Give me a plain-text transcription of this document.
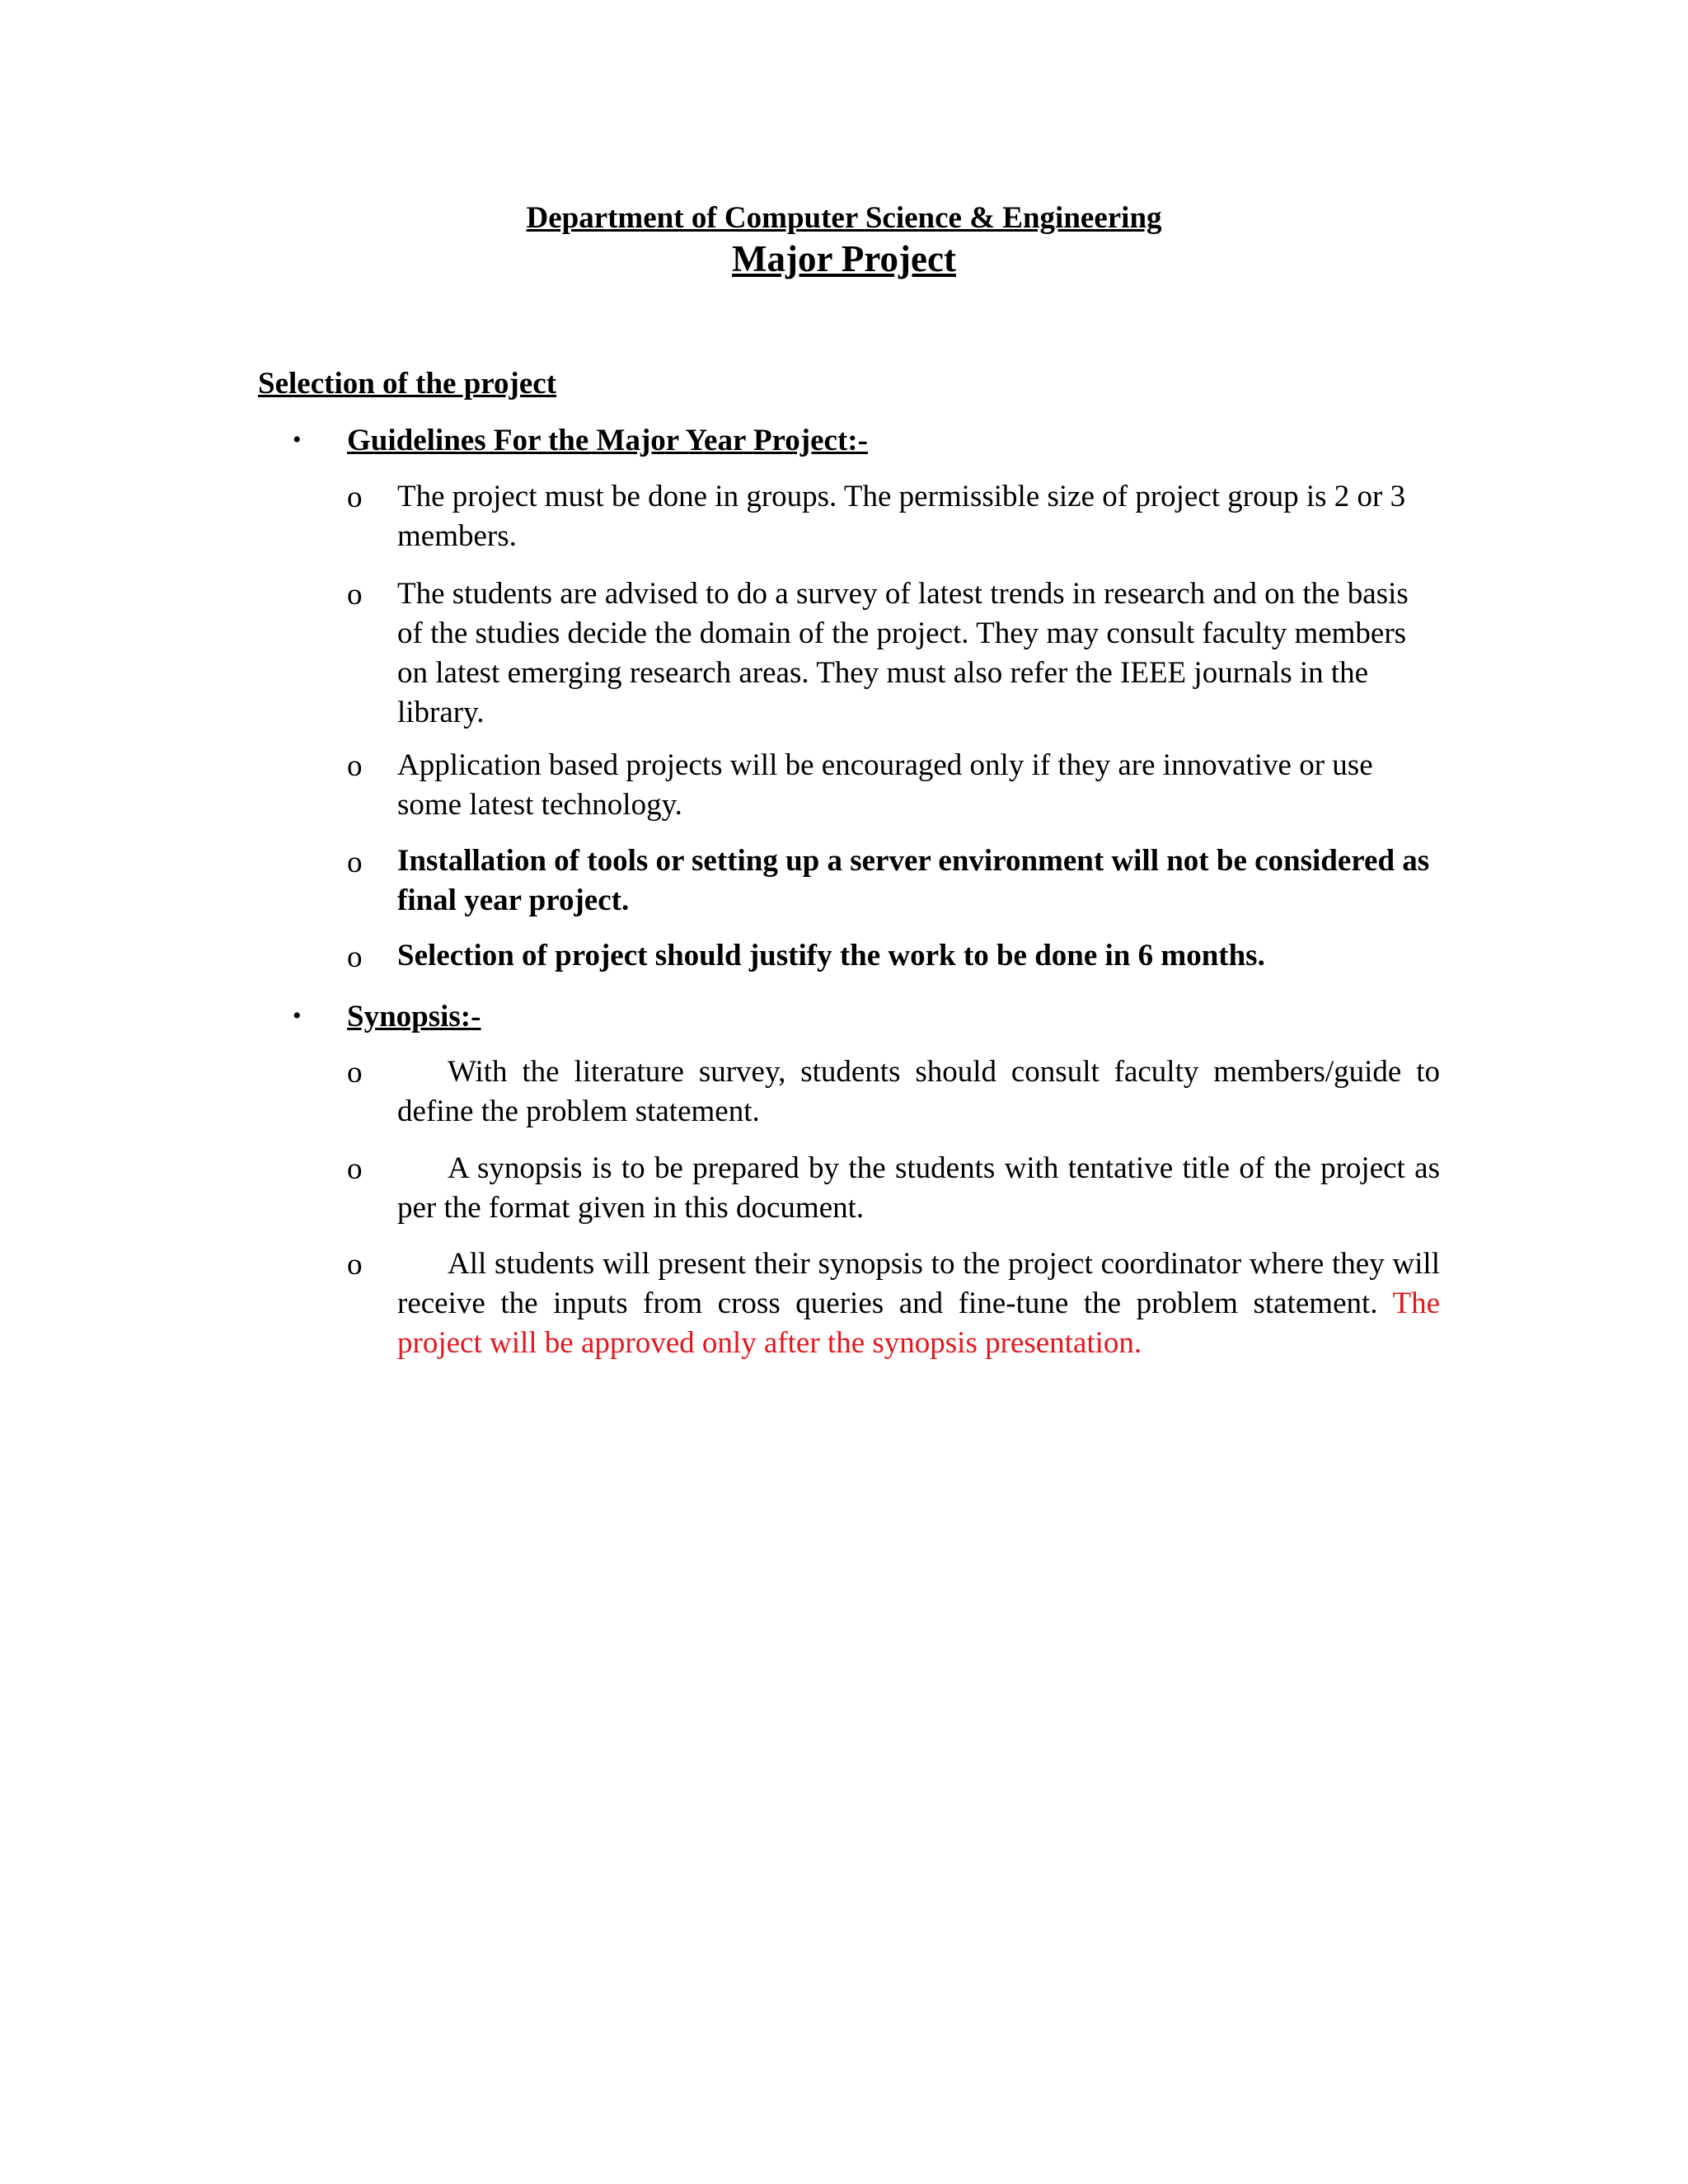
Department of Computer Science & Engineering
Major Project
Selection of the project
• Guidelines For the Major Year Project:-
o The project must be done in groups. The permissible size of project group is 2 or 3 members.
o The students are advised to do a survey of latest trends in research and on the basis of the studies decide the domain of the project. They may consult faculty members on latest emerging research areas. They must also refer the IEEE journals in the library.
o Application based projects will be encouraged only if they are innovative or use some latest technology.
o Installation of tools or setting up a server environment will not be considered as final year project.
o Selection of project should justify the work to be done in 6 months.
• Synopsis:-
o	With the literature survey, students should consult faculty members/guide to define the problem statement.
o	A synopsis is to be prepared by the students with tentative title of the project as per the format given in this document.
o	All students will present their synopsis to the project coordinator where they will receive the inputs from cross queries and fine-tune the problem statement. The project will be approved only after the synopsis presentation.
